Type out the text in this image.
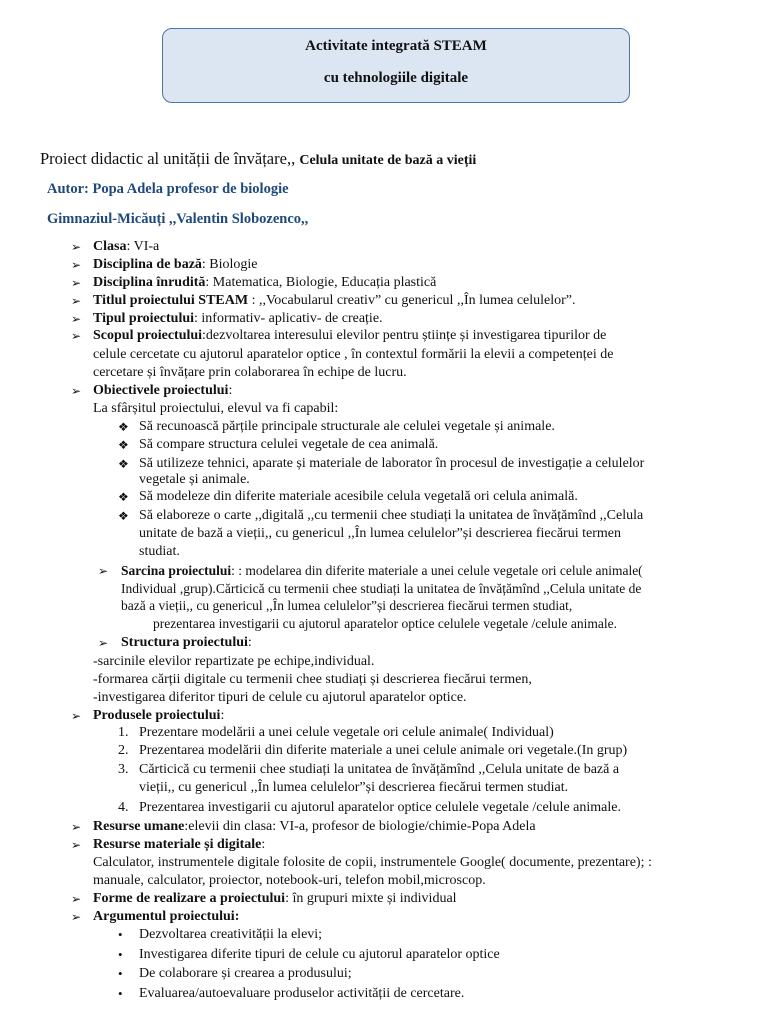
Activitate integrată STEAM
cu tehnologiile digitale
Proiect didactic al unității de învățare,, Celula unitate de bază a vieții
Autor: Popa Adela profesor de biologie
Gimnaziul-Micăuți ,,Valentin Slobozenco,,
➢ Clasa: VI-a
➢ Disciplina de bază: Biologie
➢ Disciplina înrudită: Matematica, Biologie, Educația plastică
➢ Titlul proiectului STEAM : ,,Vocabularul creativ” cu genericul ,,În lumea celulelor”.
➢ Tipul proiectului: informativ- aplicativ- de creație.
➢ Scopul proiectului:dezvoltarea interesului elevilor pentru științe și investigarea tipurilor de
celule cercetate cu ajutorul aparatelor optice , în contextul formării la elevii a competenței de
cercetare și învățare prin colaborarea în echipe de lucru.
➢ Obiectivele proiectului:
La sfârșitul proiectului, elevul va fi capabil:
❖ Să recunoască părțile principale structurale ale celulei vegetale și animale.
❖ Să compare structura celulei vegetale de cea animală.
❖ Să utilizeze tehnici, aparate și materiale de laborator în procesul de investigație a celulelor
vegetale și animale.
❖ Să modeleze din diferite materiale acesibile celula vegetală ori celula animală.
❖ Să elaboreze o carte ,,digitală ,,cu termenii chee studiați la unitatea de învățămînd ,,Celula
unitate de bază a vieții,, cu genericul ,,În lumea celulelor”și descrierea fiecărui termen
studiat.
➢ Sarcina proiectului: : modelarea din diferite materiale a unei celule vegetale ori celule animale(
Individual ,grup).Cărticică cu termenii chee studiați la unitatea de învățămînd ,,Celula unitate de
bază a vieții,, cu genericul ,,În lumea celulelor”și descrierea fiecărui termen studiat,
prezentarea investigarii cu ajutorul aparatelor optice celulele vegetale /celule animale.
➢ Structura proiectului:
-sarcinile elevilor repartizate pe echipe,individual.
-formarea cărții digitale cu termenii chee studiați și descrierea fiecărui termen,
-investigarea diferitor tipuri de celule cu ajutorul aparatelor optice.
➢ Produsele proiectului:
1. Prezentare modelării a unei celule vegetale ori celule animale( Individual)
2. Prezentarea modelării din diferite materiale a unei celule animale ori vegetale.(In grup)
3. Cărticică cu termenii chee studiați la unitatea de învățămînd ,,Celula unitate de bază a
vieții,, cu genericul ,,În lumea celulelor”și descrierea fiecărui termen studiat.
4. Prezentarea investigarii cu ajutorul aparatelor optice celulele vegetale /celule animale.
➢ Resurse umane:elevii din clasa: VI-a, profesor de biologie/chimie-Popa Adela
➢ Resurse materiale și digitale:
Calculator, instrumentele digitale folosite de copii, instrumentele Google( documente, prezentare); :
manuale, calculator, proiector, notebook-uri, telefon mobil,microscop.
➢ Forme de realizare a proiectului: în grupuri mixte și individual
➢ Argumentul proiectului:
• Dezvoltarea creativității la elevi;
• Investigarea diferite tipuri de celule cu ajutorul aparatelor optice
• De colaborare și crearea a produsului;
• Evaluarea/autoevaluare produselor activității de cercetare.
